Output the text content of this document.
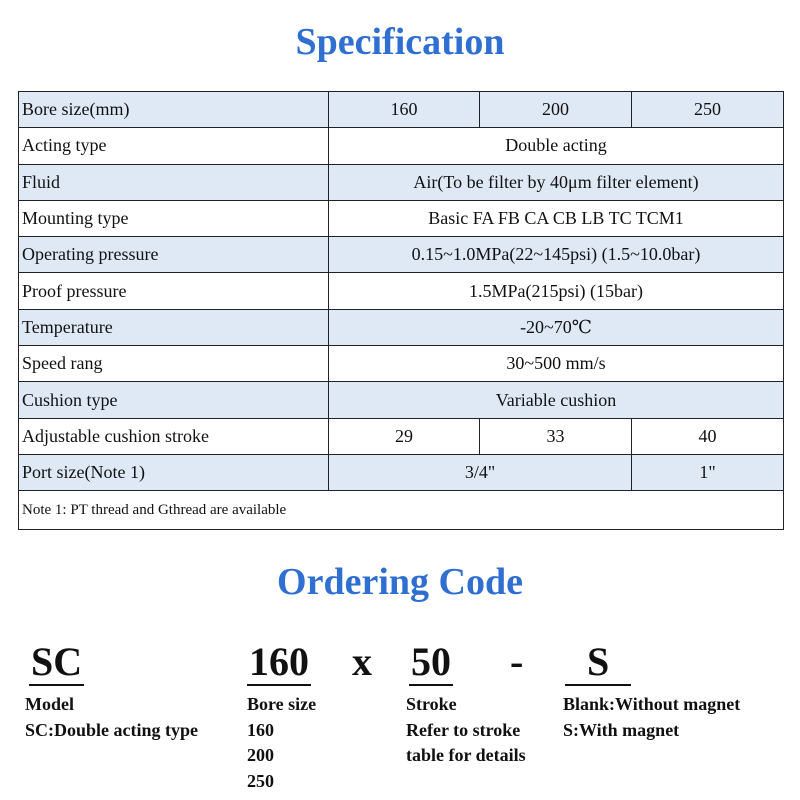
Specification
Bore size(mm)	160	200	250
Acting type	Double acting		
Fluid	Air(To be filter by 40μm filter element)		
Mounting type	Basic FA FB CA CB LB TC TCM1		
Operating pressure	0.15~1.0MPa(22~145psi) (1.5~10.0bar)		
Proof pressure	1.5MPa(215psi) (15bar)		
Temperature	-20~70℃		
Speed rang	30~500 mm/s		
Cushion type	Variable cushion		
Adjustable cushion stroke	29	33	40
Port size(Note 1)	3/4"		1"
Note 1: PT thread and Gthread are available			
Ordering Code
SC	160 x 50 -	S
Model
SC:Double acting type
Bore size
160
200
250
Stroke
Refer to stroke
table for details
Blank:Without magnet
S:With magnet
